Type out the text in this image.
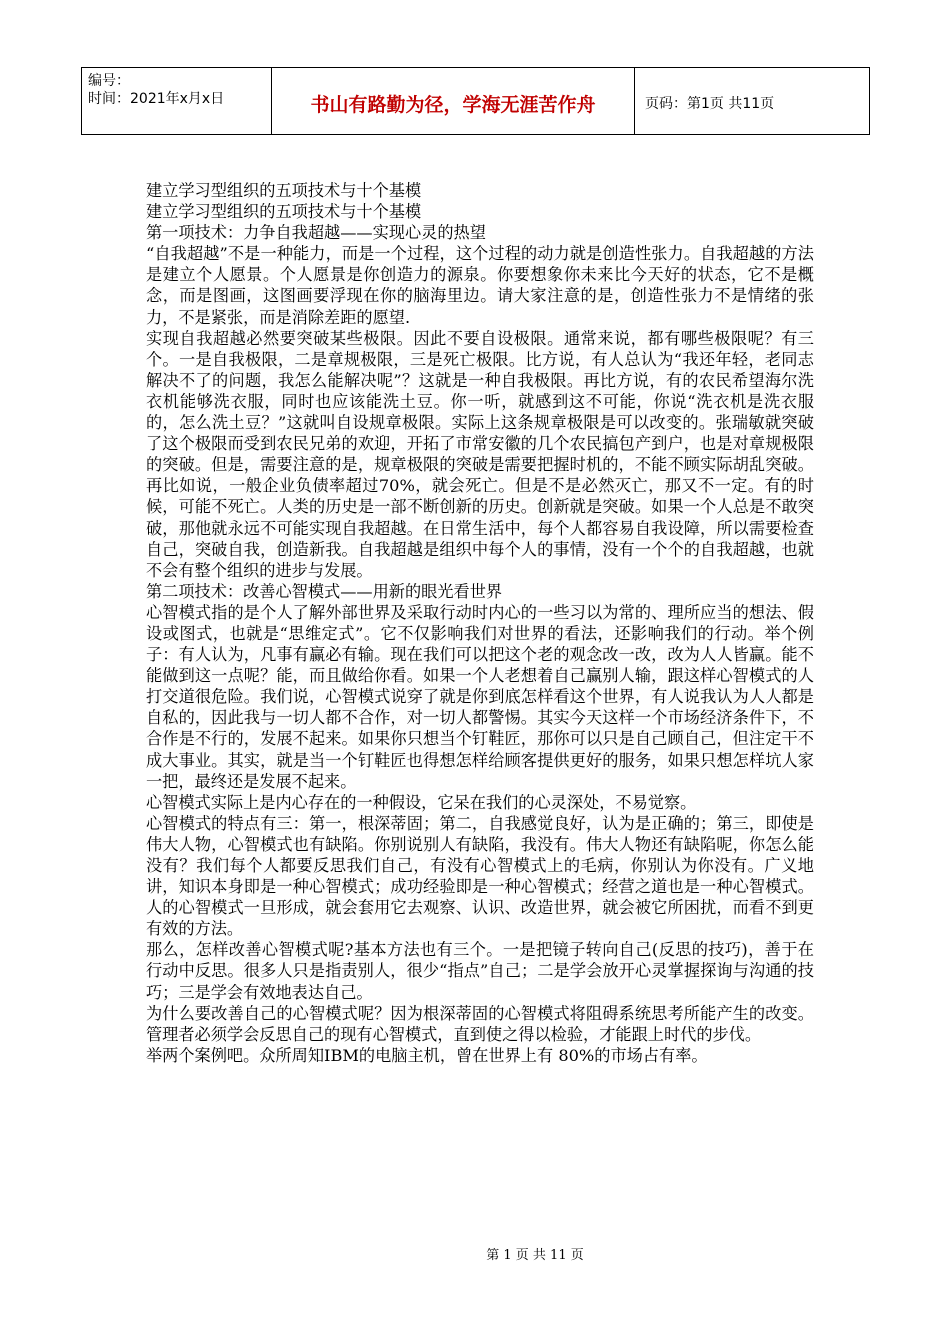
编号：
时间：2021年x月x日	书山有路勤为径，学海无涯苦作舟	页码：第1页 共11页

建立学习型组织的五项技术与十个基模

建立学习型组织的五项技术与十个基模

第一项技术：力争自我超越——实现心灵的热望

“自我超越”不是一种能力，而是一个过程，这个过程的动力就是创造性张力。自我超越的方法是建立个人愿景。个人愿景是你创造力的源泉。你要想象你未来比今天好的状态，它不是概念，而是图画，这图画要浮现在你的脑海里边。请大家注意的是，创造性张力不是情绪的张力，不是紧张，而是消除差距的愿望.

实现自我超越必然要突破某些极限。因此不要自设极限。通常来说，都有哪些极限呢？有三个。一是自我极限，二是章规极限，三是死亡极限。比方说，有人总认为“我还年轻，老同志解决不了的问题，我怎么能解决呢”？这就是一种自我极限。再比方说，有的农民希望海尔洗衣机能够洗衣服，同时也应该能洗土豆。你一听，就感到这不可能，你说“洗衣机是洗衣服的，怎么洗土豆？”这就叫自设规章极限。实际上这条规章极限是可以改变的。张瑞敏就突破了这个极限而受到农民兄弟的欢迎，开拓了市常安徽的几个农民搞包产到户，也是对章规极限的突破。但是，需要注意的是，规章极限的突破是需要把握时机的，不能不顾实际胡乱突破。再比如说，一般企业负债率超过70%，就会死亡。但是不是必然灭亡，那又不一定。有的时候，可能不死亡。人类的历史是一部不断创新的历史。创新就是突破。如果一个人总是不敢突破，那他就永远不可能实现自我超越。在日常生活中，每个人都容易自我设障，所以需要检查自己，突破自我，创造新我。自我超越是组织中每个人的事情，没有一个个的自我超越，也就不会有整个组织的进步与发展。

第二项技术：改善心智模式——用新的眼光看世界

心智模式指的是个人了解外部世界及采取行动时内心的一些习以为常的、理所应当的想法、假设或图式，也就是“思维定式”。它不仅影响我们对世界的看法，还影响我们的行动。举个例子：有人认为，凡事有赢必有输。现在我们可以把这个老的观念改一改，改为人人皆赢。能不能做到这一点呢？能，而且做给你看。如果一个人老想着自己赢别人输，跟这样心智模式的人打交道很危险。我们说，心智模式说穿了就是你到底怎样看这个世界，有人说我认为人人都是自私的，因此我与一切人都不合作，对一切人都警惕。其实今天这样一个市场经济条件下，不合作是不行的，发展不起来。如果你只想当个钉鞋匠，那你可以只是自己顾自己，但注定干不成大事业。其实，就是当一个钉鞋匠也得想怎样给顾客提供更好的服务，如果只想怎样坑人家一把，最终还是发展不起来。

心智模式实际上是内心存在的一种假设，它呆在我们的心灵深处，不易觉察。

心智模式的特点有三：第一，根深蒂固；第二，自我感觉良好，认为是正确的；第三，即使是伟大人物，心智模式也有缺陷。你别说别人有缺陷，我没有。伟大人物还有缺陷呢，你怎么能没有？我们每个人都要反思我们自己，有没有心智模式上的毛病，你别认为你没有。广义地讲，知识本身即是一种心智模式；成功经验即是一种心智模式；经营之道也是一种心智模式。人的心智模式一旦形成，就会套用它去观察、认识、改造世界，就会被它所困扰，而看不到更有效的方法。

那么，怎样改善心智模式呢?基本方法也有三个。一是把镜子转向自己(反思的技巧)，善于在行动中反思。很多人只是指责别人，很少“指点”自己；二是学会放开心灵掌握探询与沟通的技巧；三是学会有效地表达自己。

为什么要改善自己的心智模式呢？因为根深蒂固的心智模式将阻碍系统思考所能产生的改变。管理者必须学会反思自己的现有心智模式，直到使之得以检验，才能跟上时代的步伐。

举两个案例吧。众所周知IBM的电脑主机，曾在世界上有 80%的市场占有率。

第 1 页 共 11 页
